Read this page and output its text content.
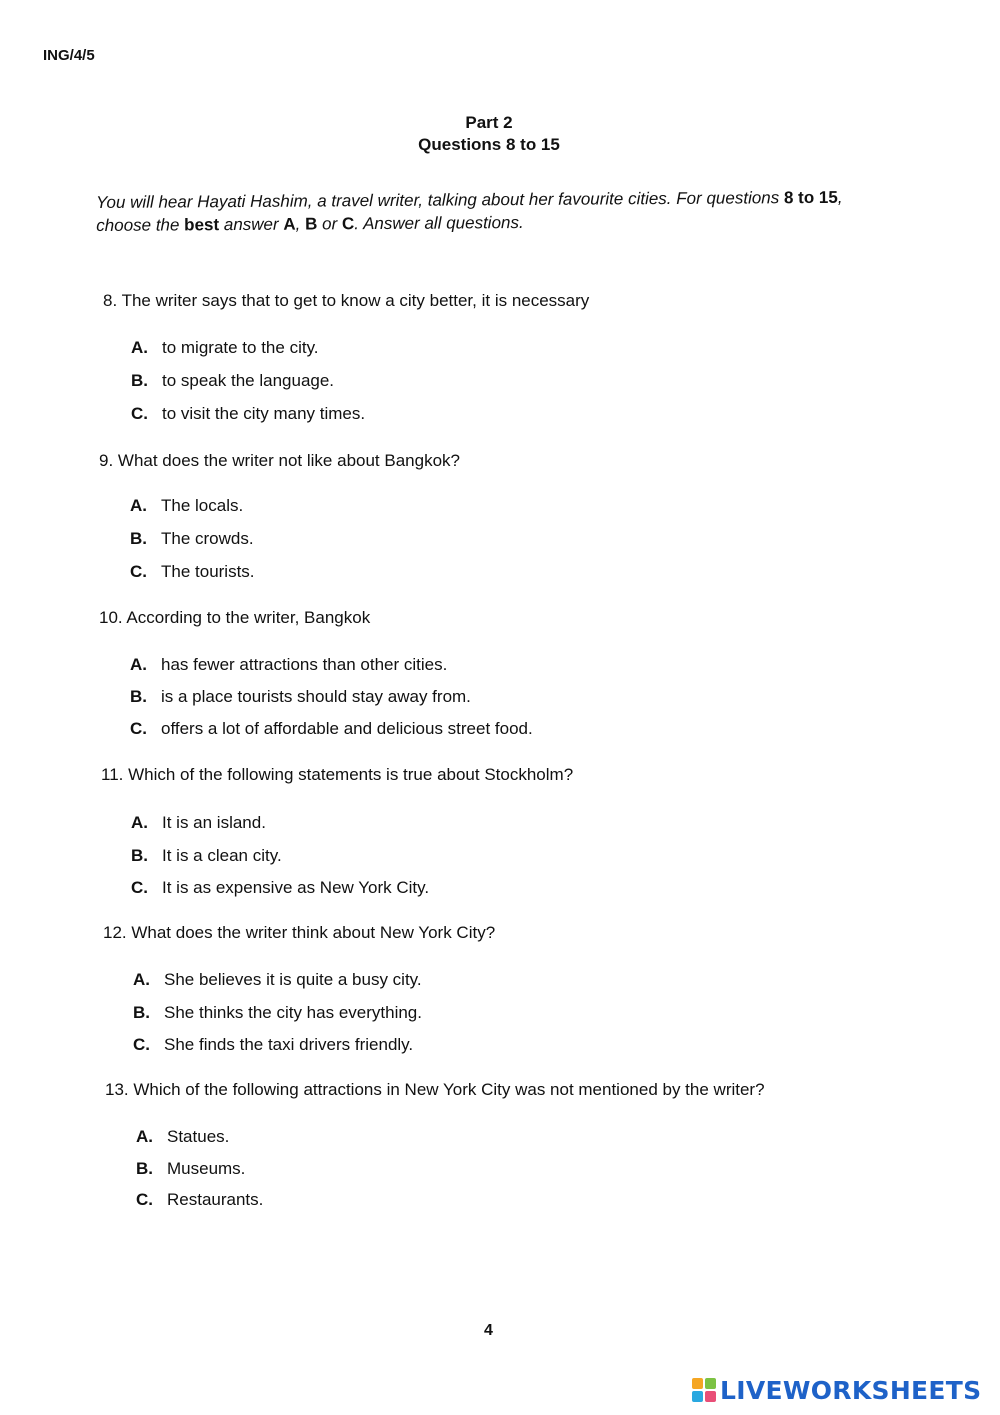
ING/4/5
Part 2
Questions 8 to 15
You will hear Hayati Hashim, a travel writer, talking about her favourite cities. For questions 8 to 15, choose the best answer A, B or C. Answer all questions.
8. The writer says that to get to know a city better, it is necessary
A. to migrate to the city.
B. to speak the language.
C. to visit the city many times.
9. What does the writer not like about Bangkok?
A. The locals.
B. The crowds.
C. The tourists.
10. According to the writer, Bangkok
A. has fewer attractions than other cities.
B. is a place tourists should stay away from.
C. offers a lot of affordable and delicious street food.
11. Which of the following statements is true about Stockholm?
A. It is an island.
B. It is a clean city.
C. It is as expensive as New York City.
12. What does the writer think about New York City?
A. She believes it is quite a busy city.
B. She thinks the city has everything.
C. She finds the taxi drivers friendly.
13. Which of the following attractions in New York City was not mentioned by the writer?
A. Statues.
B. Museums.
C. Restaurants.
4
LIVEWORKSHEETS
